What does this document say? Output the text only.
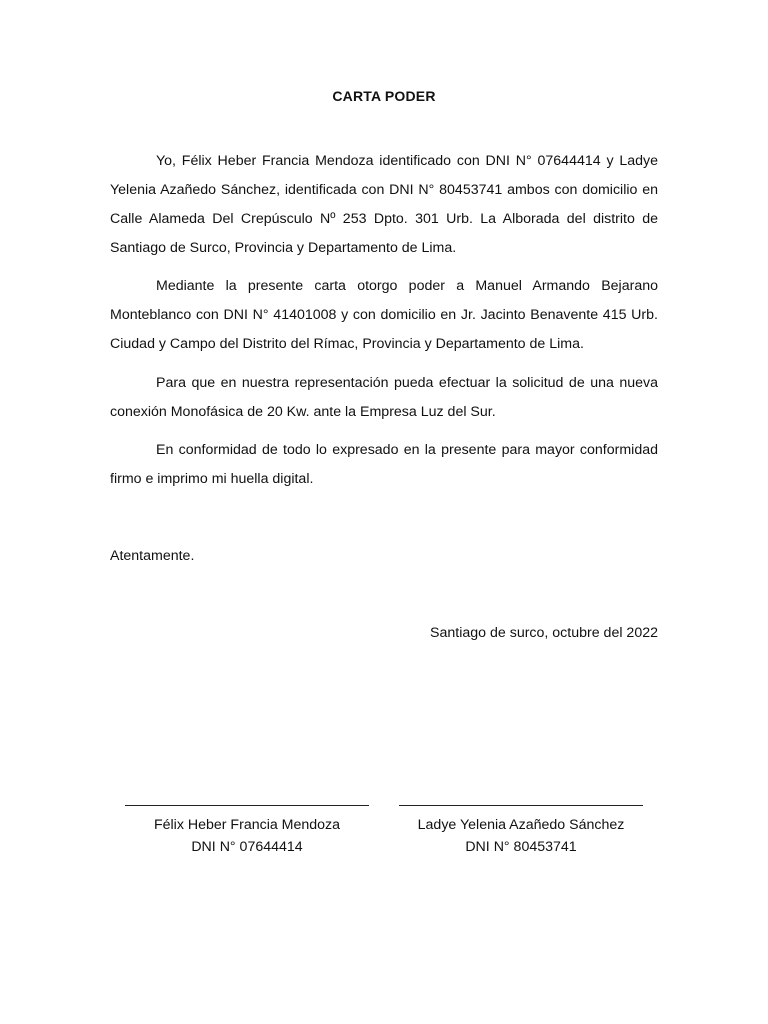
CARTA PODER

Yo, Félix Heber Francia Mendoza identificado con DNI N° 07644414 y Ladye Yelenia Azañedo Sánchez, identificada con DNI N° 80453741 ambos con domicilio en Calle Alameda Del Crepúsculo Nº 253 Dpto. 301 Urb. La Alborada del distrito de Santiago de Surco, Provincia y Departamento de Lima.

Mediante la presente carta otorgo poder a Manuel Armando Bejarano Monteblanco con DNI N° 41401008 y con domicilio en Jr. Jacinto Benavente 415 Urb. Ciudad y Campo del Distrito del Rímac, Provincia y Departamento de Lima.

Para que en nuestra representación pueda efectuar la solicitud de una nueva conexión Monofásica de 20 Kw. ante la Empresa Luz del Sur.

En conformidad de todo lo expresado en la presente para mayor conformidad firmo e imprimo mi huella digital.

Atentamente.

Santiago de surco, octubre del 2022

Félix Heber Francia Mendoza
DNI N° 07644414
Ladye Yelenia Azañedo Sánchez
DNI N° 80453741
